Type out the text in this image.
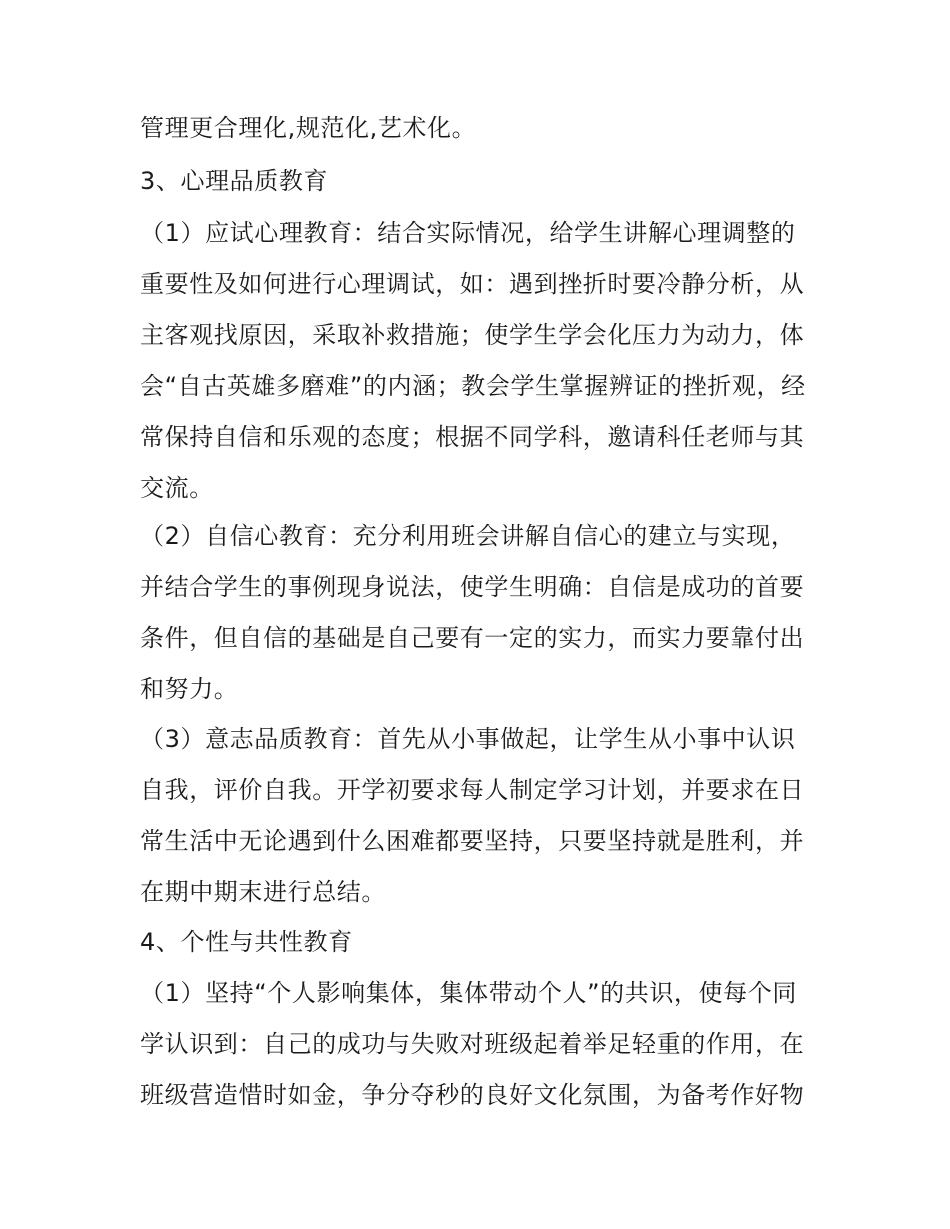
管理更合理化,规范化,艺术化。
3、心理品质教育
（1）应试心理教育：结合实际情况，给学生讲解心理调整的
重要性及如何进行心理调试，如：遇到挫折时要冷静分析，从
主客观找原因，采取补救措施；使学生学会化压力为动力，体
会“自古英雄多磨难”的内涵；教会学生掌握辨证的挫折观，经
常保持自信和乐观的态度；根据不同学科，邀请科任老师与其
交流。
（2）自信心教育：充分利用班会讲解自信心的建立与实现，
并结合学生的事例现身说法，使学生明确：自信是成功的首要
条件，但自信的基础是自己要有一定的实力，而实力要靠付出
和努力。
（3）意志品质教育：首先从小事做起，让学生从小事中认识
自我，评价自我。开学初要求每人制定学习计划，并要求在日
常生活中无论遇到什么困难都要坚持，只要坚持就是胜利，并
在期中期末进行总结。
4、个性与共性教育
（1）坚持“个人影响集体，集体带动个人”的共识，使每个同
学认识到：自己的成功与失败对班级起着举足轻重的作用，在
班级营造惜时如金，争分夺秒的良好文化氛围，为备考作好物
